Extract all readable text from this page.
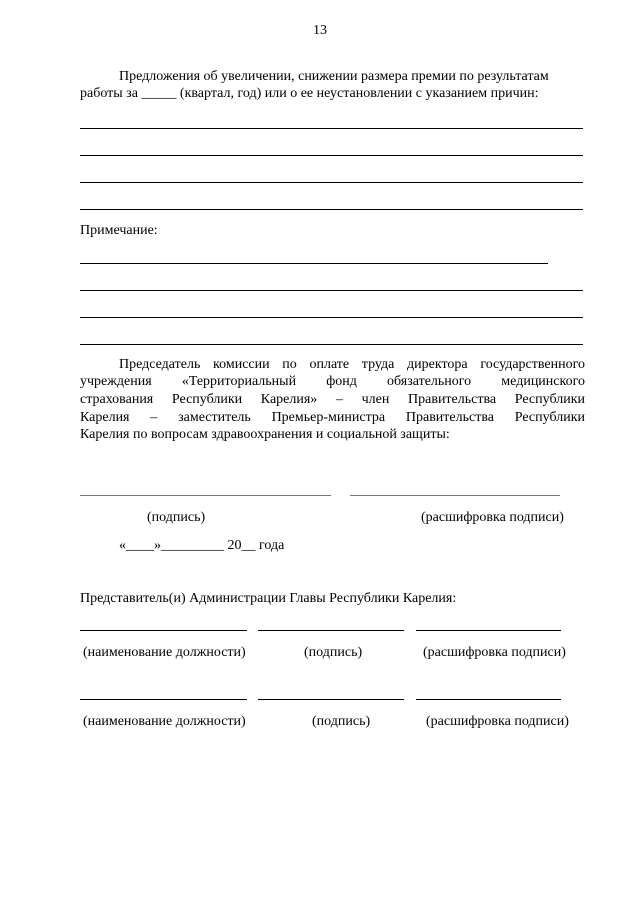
13
Предложения об увеличении, снижении размера премии по результатам
работы за _____ (квартал, год) или о ее неустановлении с указанием причин:
Примечание:
Председатель комиссии по оплате труда директора государственного
учреждения «Территориальный фонд обязательного медицинского
страхования Республики Карелия» – член Правительства Республики
Карелия – заместитель Премьер-министра Правительства Республики
Карелия по вопросам здравоохранения и социальной защиты:
(подпись)	(расшифровка подписи)
«____»_________ 20__ года
Представитель(и) Администрации Главы Республики Карелия:
(наименование должности)	(подпись)	(расшифровка подписи)
(наименование должности)	(подпись)	(расшифровка подписи)
